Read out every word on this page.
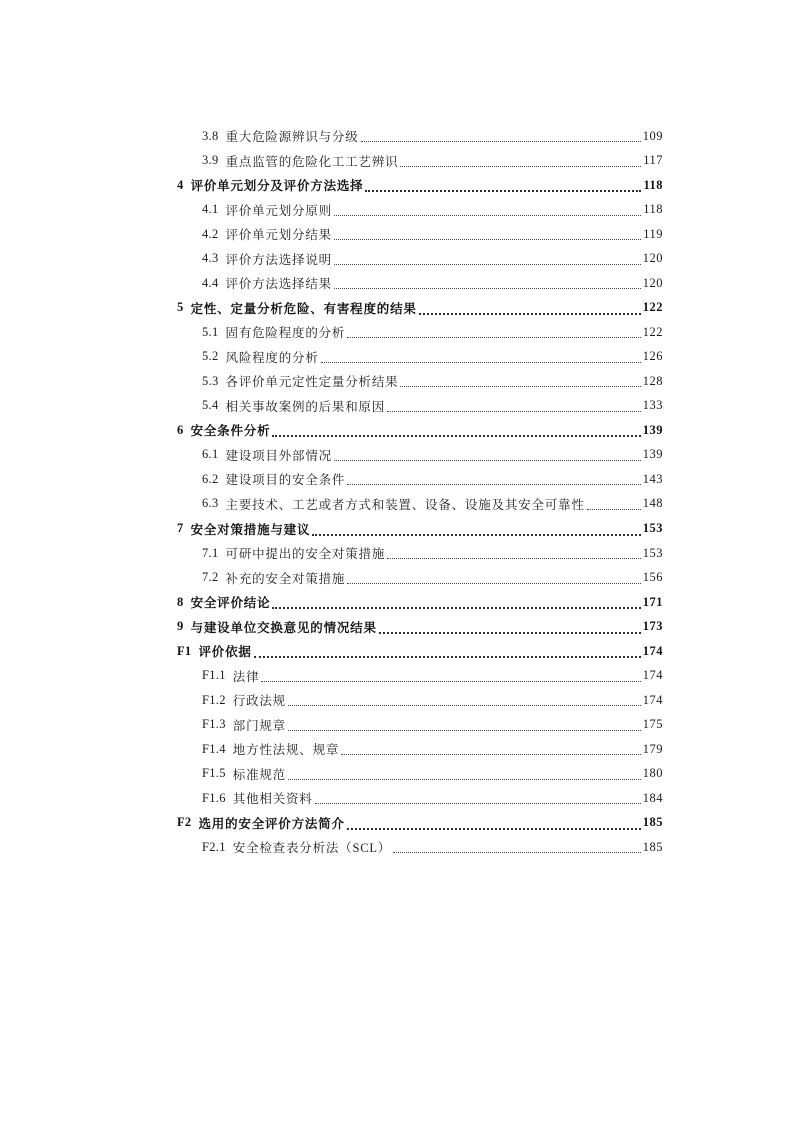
3.8 重大危险源辨识与分级	109
3.9 重点监管的危险化工工艺辨识	117
4 评价单元划分及评价方法选择	118
4.1 评价单元划分原则	118
4.2 评价单元划分结果	119
4.3 评价方法选择说明	120
4.4 评价方法选择结果	120
5 定性、定量分析危险、有害程度的结果	122
5.1 固有危险程度的分析	122
5.2 风险程度的分析	126
5.3 各评价单元定性定量分析结果	128
5.4 相关事故案例的后果和原因	133
6 安全条件分析	139
6.1 建设项目外部情况	139
6.2 建设项目的安全条件	143
6.3 主要技术、工艺或者方式和装置、设备、设施及其安全可靠性	148
7 安全对策措施与建议	153
7.1 可研中提出的安全对策措施	153
7.2 补充的安全对策措施	156
8 安全评价结论	171
9 与建设单位交换意见的情况结果	173
F1 评价依据	174
F1.1 法律	174
F1.2 行政法规	174
F1.3 部门规章	175
F1.4 地方性法规、规章	179
F1.5 标准规范	180
F1.6 其他相关资料	184
F2 选用的安全评价方法简介	185
F2.1 安全检查表分析法（SCL）	185
